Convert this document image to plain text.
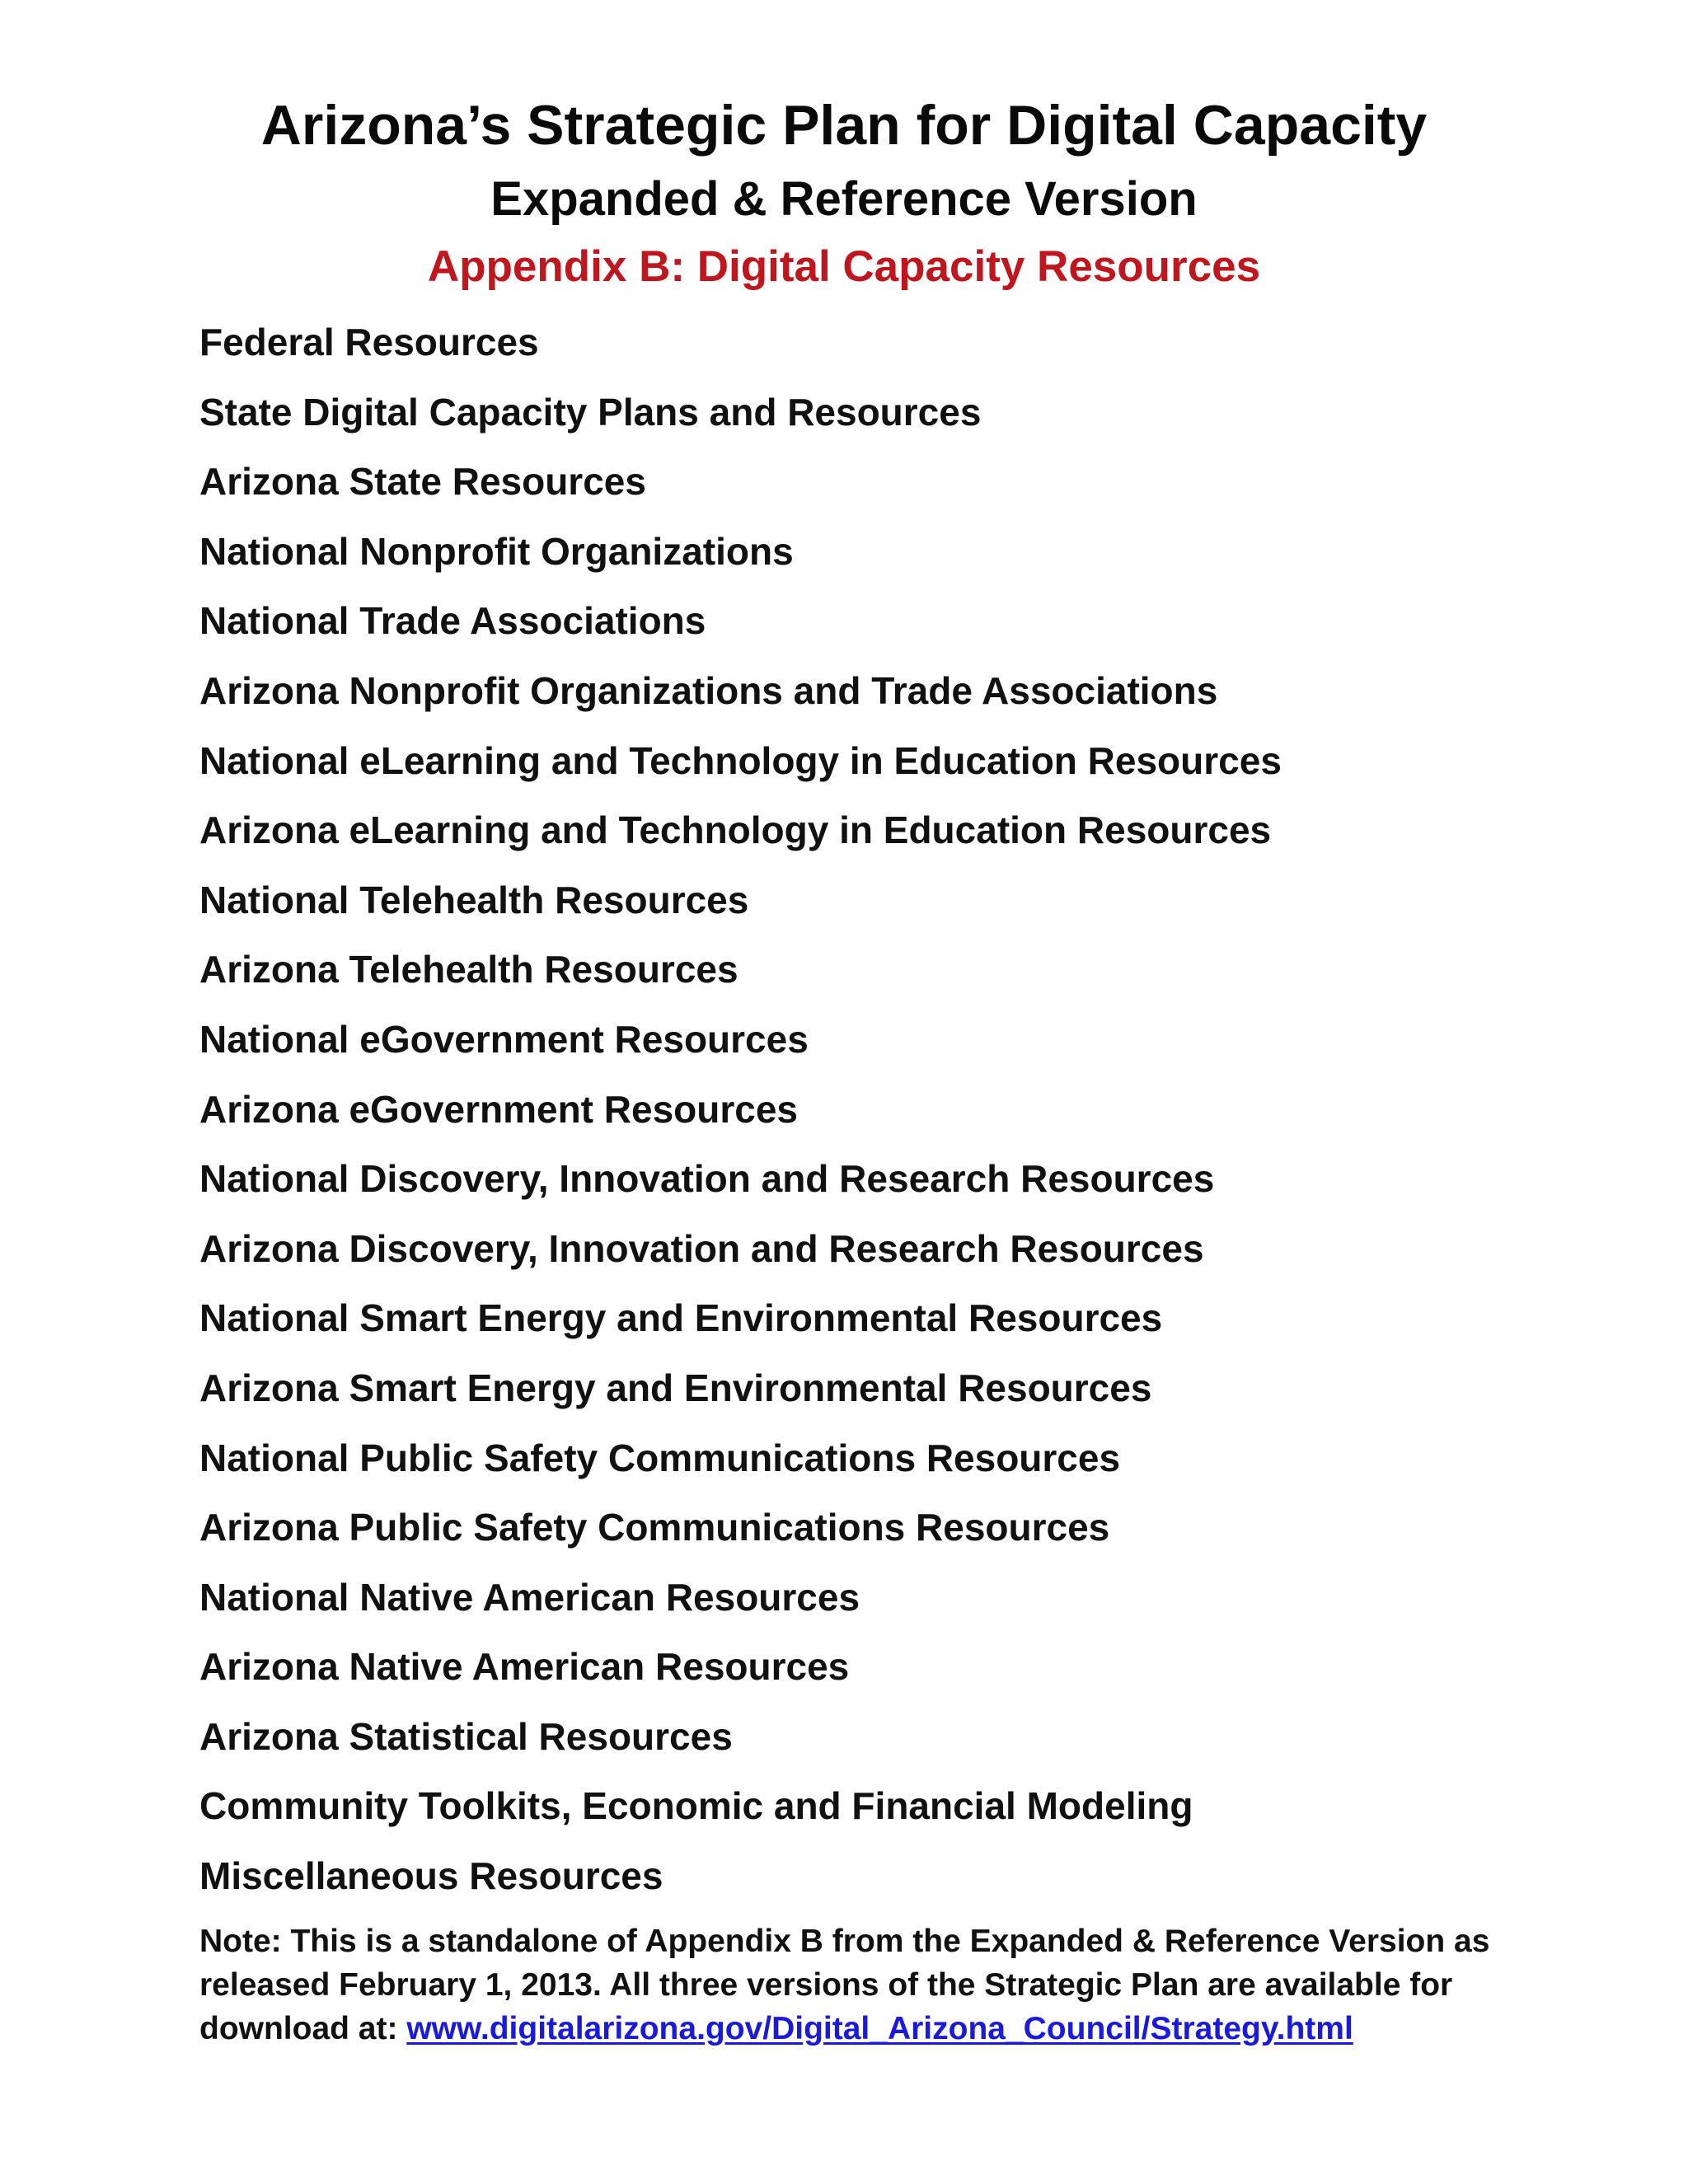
Arizona’s Strategic Plan for Digital Capacity
Expanded & Reference Version
Appendix B: Digital Capacity Resources
Federal Resources
State Digital Capacity Plans and Resources
Arizona State Resources
National Nonprofit Organizations
National Trade Associations
Arizona Nonprofit Organizations and Trade Associations
National eLearning and Technology in Education Resources
Arizona eLearning and Technology in Education Resources
National Telehealth Resources
Arizona Telehealth Resources
National eGovernment Resources
Arizona eGovernment Resources
National Discovery, Innovation and Research Resources
Arizona Discovery, Innovation and Research Resources
National Smart Energy and Environmental Resources
Arizona Smart Energy and Environmental Resources
National Public Safety Communications Resources
Arizona Public Safety Communications Resources
National Native American Resources
Arizona Native American Resources
Arizona Statistical Resources
Community Toolkits, Economic and Financial Modeling
Miscellaneous Resources

Note: This is a standalone of Appendix B from the Expanded & Reference Version as released February 1, 2013. All three versions of the Strategic Plan are available for download at: www.digitalarizona.gov/Digital_Arizona_Council/Strategy.html
